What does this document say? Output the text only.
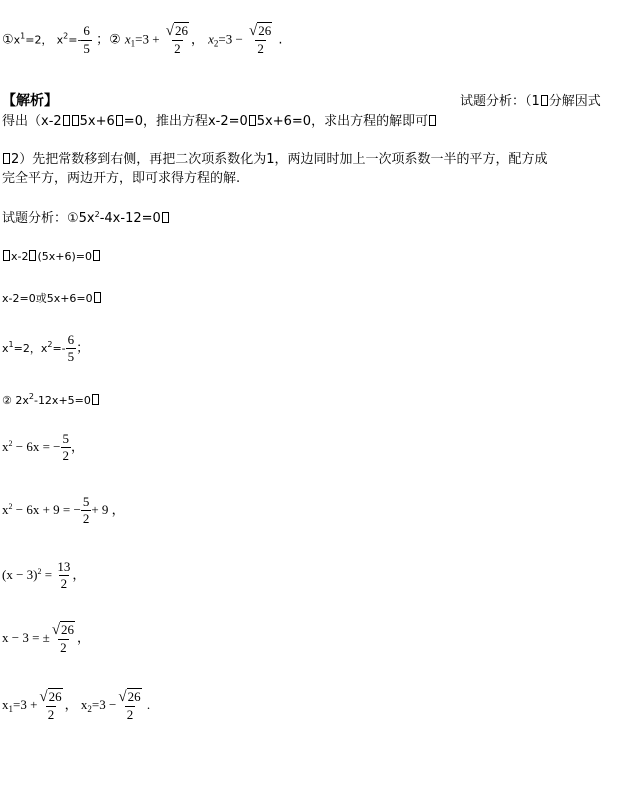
$①x^1=2$， $x^2=- \frac{6}{5}$ ；② $x_1=3 + \frac{√26}{2}$ ， $x_2=3 - \frac{√26}{2}$ .
【解析】	试题分析：（1 分解因式
得出（x-2 5x+6 =0，推出方程x-2=0 5x+6=0，求出方程的解即可
2）先把常数移到右侧，再把二次项系数化为1，两边同时加上一次项系数一半的平方，配方成
完全平方，两边开方，即可求得方程的解.
试题分析：$①5x^2-4x-12=0$
x-2 (5x+6)=0
x-2=0或5x+6=0
$x^1=2$，$x^2=- \frac{6}{5}$ ；
② $2x^2-12x+5=0$
$x^2 - 6x$ = − $\frac{5}{2}$ ，
$x^2 - 6x + 9$ = − $\frac{5}{2} + 9$ ，
$(x - 3)^2 = \frac{13}{2}$ ，
x − 3 = ± $\frac{√26}{2}$ ，
$x_1=3 + \frac{√26}{2}$ ， $x_2=3 - \frac{√26}{2}$ .
